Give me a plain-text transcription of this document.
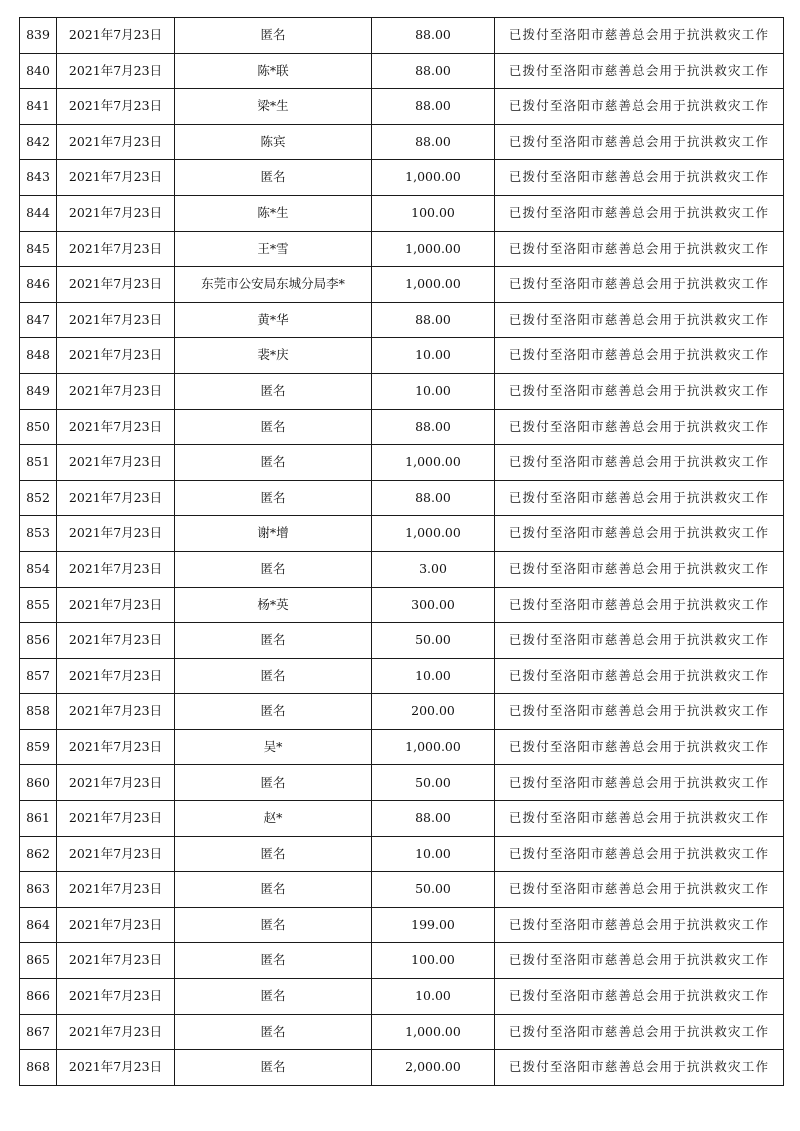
839	2021年7月23日	匿名	88.00	已拨付至洛阳市慈善总会用于抗洪救灾工作
840	2021年7月23日	陈*联	88.00	已拨付至洛阳市慈善总会用于抗洪救灾工作
841	2021年7月23日	梁*生	88.00	已拨付至洛阳市慈善总会用于抗洪救灾工作
842	2021年7月23日	陈宾	88.00	已拨付至洛阳市慈善总会用于抗洪救灾工作
843	2021年7月23日	匿名	1,000.00	已拨付至洛阳市慈善总会用于抗洪救灾工作
844	2021年7月23日	陈*生	100.00	已拨付至洛阳市慈善总会用于抗洪救灾工作
845	2021年7月23日	王*雪	1,000.00	已拨付至洛阳市慈善总会用于抗洪救灾工作
846	2021年7月23日	东莞市公安局东城分局李*	1,000.00	已拨付至洛阳市慈善总会用于抗洪救灾工作
847	2021年7月23日	黄*华	88.00	已拨付至洛阳市慈善总会用于抗洪救灾工作
848	2021年7月23日	裴*庆	10.00	已拨付至洛阳市慈善总会用于抗洪救灾工作
849	2021年7月23日	匿名	10.00	已拨付至洛阳市慈善总会用于抗洪救灾工作
850	2021年7月23日	匿名	88.00	已拨付至洛阳市慈善总会用于抗洪救灾工作
851	2021年7月23日	匿名	1,000.00	已拨付至洛阳市慈善总会用于抗洪救灾工作
852	2021年7月23日	匿名	88.00	已拨付至洛阳市慈善总会用于抗洪救灾工作
853	2021年7月23日	谢*增	1,000.00	已拨付至洛阳市慈善总会用于抗洪救灾工作
854	2021年7月23日	匿名	3.00	已拨付至洛阳市慈善总会用于抗洪救灾工作
855	2021年7月23日	杨*英	300.00	已拨付至洛阳市慈善总会用于抗洪救灾工作
856	2021年7月23日	匿名	50.00	已拨付至洛阳市慈善总会用于抗洪救灾工作
857	2021年7月23日	匿名	10.00	已拨付至洛阳市慈善总会用于抗洪救灾工作
858	2021年7月23日	匿名	200.00	已拨付至洛阳市慈善总会用于抗洪救灾工作
859	2021年7月23日	吴*	1,000.00	已拨付至洛阳市慈善总会用于抗洪救灾工作
860	2021年7月23日	匿名	50.00	已拨付至洛阳市慈善总会用于抗洪救灾工作
861	2021年7月23日	赵*	88.00	已拨付至洛阳市慈善总会用于抗洪救灾工作
862	2021年7月23日	匿名	10.00	已拨付至洛阳市慈善总会用于抗洪救灾工作
863	2021年7月23日	匿名	50.00	已拨付至洛阳市慈善总会用于抗洪救灾工作
864	2021年7月23日	匿名	199.00	已拨付至洛阳市慈善总会用于抗洪救灾工作
865	2021年7月23日	匿名	100.00	已拨付至洛阳市慈善总会用于抗洪救灾工作
866	2021年7月23日	匿名	10.00	已拨付至洛阳市慈善总会用于抗洪救灾工作
867	2021年7月23日	匿名	1,000.00	已拨付至洛阳市慈善总会用于抗洪救灾工作
868	2021年7月23日	匿名	2,000.00	已拨付至洛阳市慈善总会用于抗洪救灾工作
